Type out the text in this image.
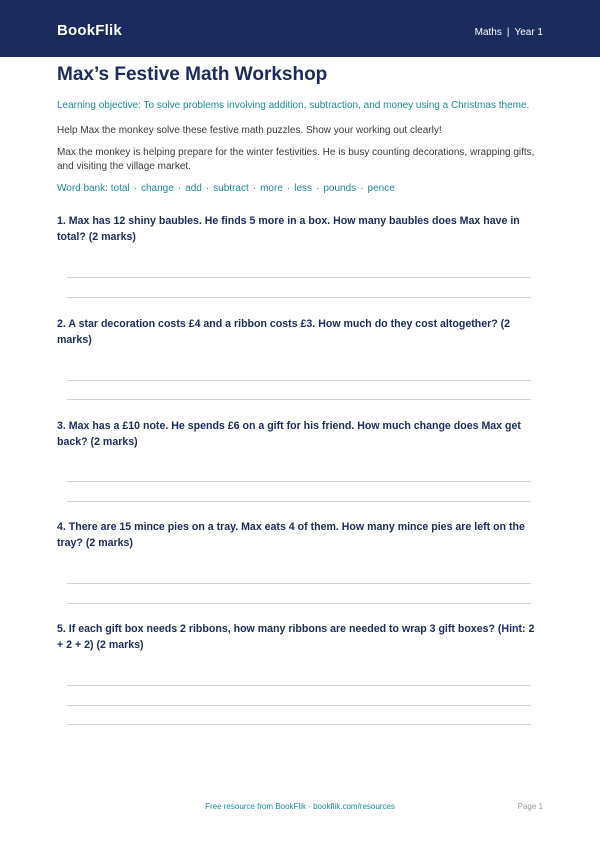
BookFlik	Maths | Year 1
Max’s Festive Math Workshop
Learning objective: To solve problems involving addition, subtraction, and money using a Christmas theme.
Help Max the monkey solve these festive math puzzles. Show your working out clearly!
Max the monkey is helping prepare for the winter festivities. He is busy counting decorations, wrapping gifts, and visiting the village market.
Word bank: total · change · add · subtract · more · less · pounds · pence
1. Max has 12 shiny baubles. He finds 5 more in a box. How many baubles does Max have in total? (2 marks)
2. A star decoration costs £4 and a ribbon costs £3. How much do they cost altogether? (2 marks)
3. Max has a £10 note. He spends £6 on a gift for his friend. How much change does Max get back? (2 marks)
4. There are 15 mince pies on a tray. Max eats 4 of them. How many mince pies are left on the tray? (2 marks)
5. If each gift box needs 2 ribbons, how many ribbons are needed to wrap 3 gift boxes? (Hint: 2 + 2 + 2) (2 marks)
Free resource from BookFlik · bookflik.com/resources	Page 1
